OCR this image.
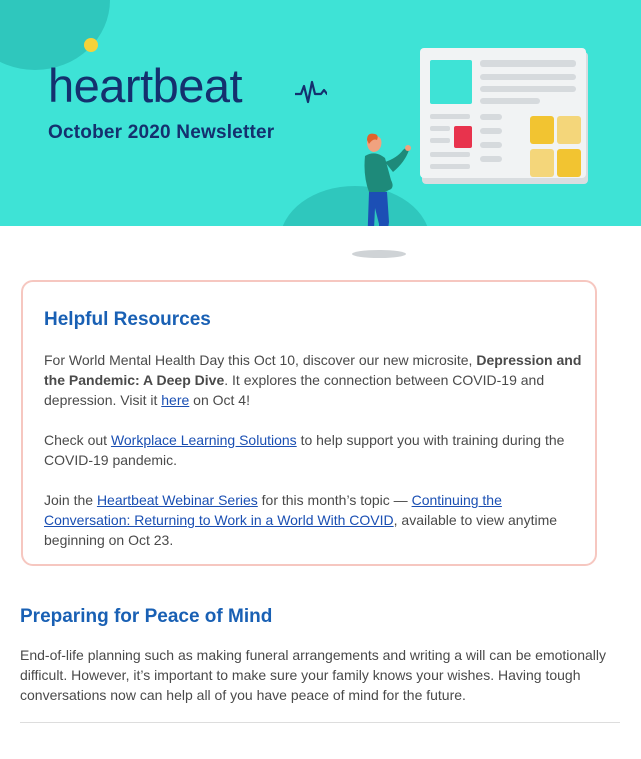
heartbeat
October 2020 Newsletter
Helpful Resources
For World Mental Health Day this Oct 10, discover our new microsite, Depression and the Pandemic: A Deep Dive. It explores the connection between COVID-19 and depression. Visit it here on Oct 4!
Check out Workplace Learning Solutions to help support you with training during the COVID-19 pandemic.
Join the Heartbeat Webinar Series for this month’s topic — Continuing the Conversation: Returning to Work in a World With COVID, available to view anytime beginning on Oct 23.
Preparing for Peace of Mind
End-of-life planning such as making funeral arrangements and writing a will can be emotionally difficult. However, it’s important to make sure your family knows your wishes. Having tough conversations now can help all of you have peace of mind for the future.
